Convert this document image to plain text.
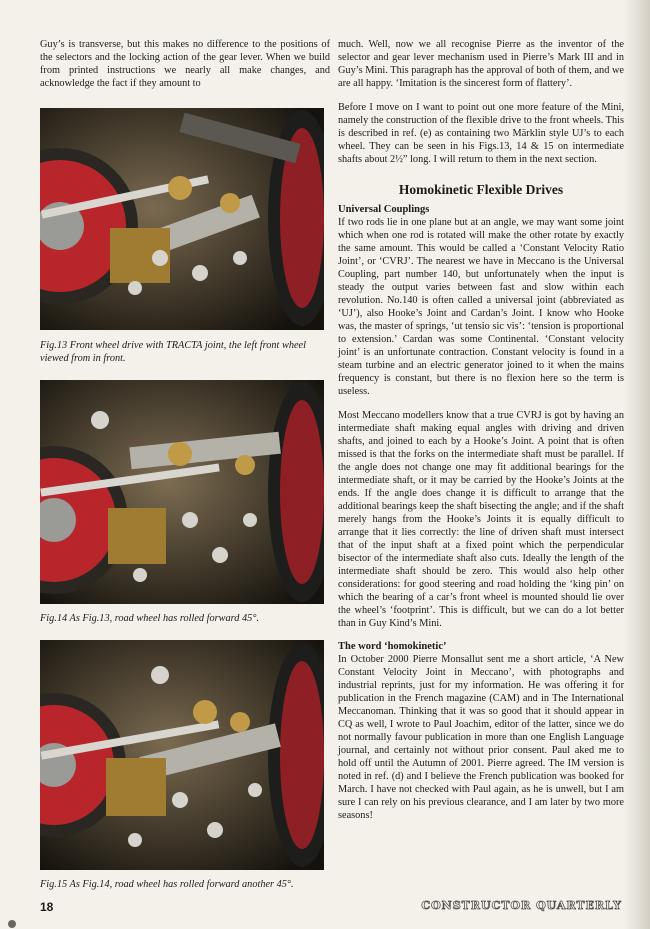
Guy’s is transverse, but this makes no difference to the positions of the selectors and the locking action of the gear lever. When we build from printed instructions we nearly all make changes, and acknowledge the fact if they amount to

Fig.13 Front wheel drive with TRACTA joint, the left front wheel viewed from in front.
Fig.14 As Fig.13, road wheel has rolled forward 45°.
Fig.15 As Fig.14, road wheel has rolled forward another 45°.

much. Well, now we all recognise Pierre as the inventor of the selector and gear lever mechanism used in Pierre’s Mark III and in Guy’s Mini. This paragraph has the approval of both of them, and we are all happy. ‘Imitation is the sincerest form of flattery’.

Before I move on I want to point out one more feature of the Mini, namely the construction of the flexible drive to the front wheels. This is described in ref. (e) as containing two Märklin style UJ’s to each wheel. They can be seen in his Figs.13, 14 & 15 on intermediate shafts about 2½” long. I will return to them in the next section.

Homokinetic Flexible Drives
Universal Couplings

If two rods lie in one plane but at an angle, we may want some joint which when one rod is rotated will make the other rotate by exactly the same amount. This would be called a ‘Constant Velocity Ratio Joint’, or ‘CVRJ’. The nearest we have in Meccano is the Universal Coupling, part number 140, but unfortunately when the input is steady the output varies between fast and slow within each revolution. No.140 is often called a universal joint (abbreviated as ‘UJ’), also Hooke’s Joint and Cardan’s Joint. I know who Hooke was, the master of springs, ‘ut tensio sic vis’: ‘tension is proportional to extension.’ Cardan was some Continental. ‘Constant velocity joint’ is an unfortunate contraction. Constant velocity is found in a steam turbine and an electric generator joined to it when the mains frequency is constant, but there is no flexion here so the term is useless.

Most Meccano modellers know that a true CVRJ is got by having an intermediate shaft making equal angles with driving and driven shafts, and joined to each by a Hooke’s Joint. A point that is often missed is that the forks on the intermediate shaft must be parallel. If the angle does not change one may fit additional bearings for the intermediate shaft, or it may be carried by the Hooke’s Joints at the ends. If the angle does change it is difficult to arrange that the additional bearings keep the shaft bisecting the angle; and if the shaft merely hangs from the Hooke’s Joints it is equally difficult to arrange that it lies correctly: the line of driven shaft must intersect that of the input shaft at a fixed point which the perpendicular bisector of the intermediate shaft also cuts. Ideally the length of the intermediate shaft should be zero. This would also help other considerations: for good steering and road holding the ‘king pin’ on which the bearing of a car’s front wheel is mounted should lie over the wheel’s ‘footprint’. This is difficult, but we can do a lot better than in Guy Kind’s Mini.

The word ‘homokinetic’

In October 2000 Pierre Monsallut sent me a short article, ‘A New Constant Velocity Joint in Meccano’, with photographs and industrial reprints, just for my information. He was offering it for publication in the French magazine (CAM) and in The International Meccanoman. Thinking that it was so good that it should appear in CQ as well, I wrote to Paul Joachim, editor of the latter, since we do not normally favour publication in more than one English Language journal, and certainly not without prior consent. Paul aked me to hold off until the Autumn of 2001. Pierre agreed. The IM version is noted in ref. (d) and I believe the French publication was booked for March. I have not checked with Paul again, as he is unwell, but I am sure I can rely on his previous clearance, and I am later by two more seasons!

18	CONSTRUCTOR QUARTERLY
